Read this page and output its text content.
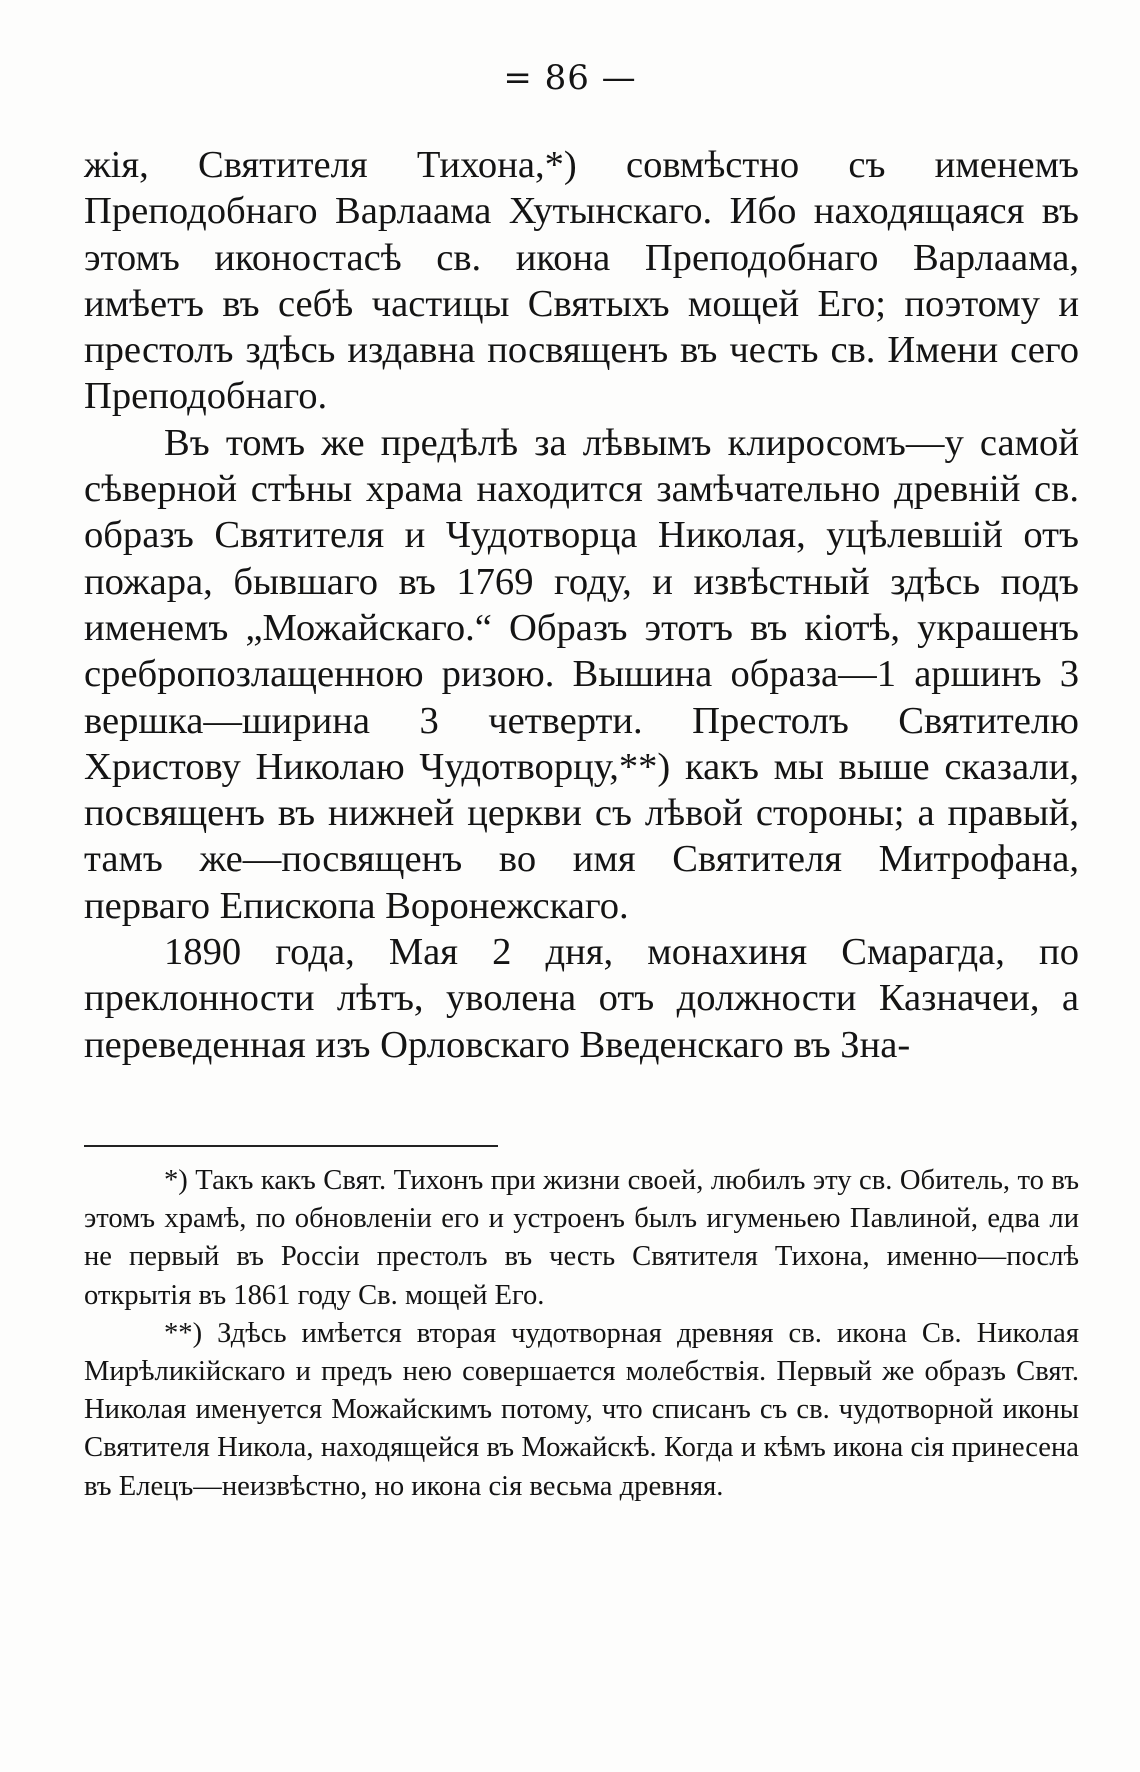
= 86 —

жія, Святителя Тихона,*) совмѣстно съ именемъ Преподобнаго Варлаама Хутынскаго. Ибо находящаяся въ этомъ иконостасѣ св. икона Преподобнаго Варлаама, имѣетъ въ себѣ частицы Святыхъ мощей Его; поэтому и престолъ здѣсь издавна посвященъ въ честь св. Имени сего Преподобнаго.

Въ томъ же предѣлѣ за лѣвымъ клиросомъ—у самой сѣверной стѣны храма находится замѣчательно древній св. образъ Святителя и Чудотворца Николая, уцѣлевшій отъ пожара, бывшаго въ 1769 году, и извѣстный здѣсь подъ именемъ „Можайскаго.“ Образъ этотъ въ кіотѣ, украшенъ сребропозлащенною ризою. Вышина образа—1 аршинъ 3 вершка—ширина 3 четверти. Престолъ Святителю Христову Николаю Чудотворцу,**) какъ мы выше сказали, посвященъ въ нижней церкви съ лѣвой стороны; а правый, тамъ же—посвященъ во имя Святителя Митрофана, перваго Епископа Воронежскаго.

1890 года, Мая 2 дня, монахиня Смарагда, по преклонности лѣтъ, уволена отъ должности Казначеи, а переведенная изъ Орловскаго Введенскаго въ Зна-

*) Такъ какъ Свят. Тихонъ при жизни своей, любилъ эту св. Обитель, то въ этомъ храмѣ, по обновленіи его и устроенъ былъ игуменьею Павлиной, едва ли не первый въ Россіи престолъ въ честь Святителя Тихона, именно—послѣ открытія въ 1861 году Св. мощей Его.

**) Здѣсь имѣется вторая чудотворная древняя св. икона Св. Николая Мирѣликійскаго и предъ нею совершается молебствія. Первый же образъ Свят. Николая именуется Можайскимъ потому, что списанъ съ св. чудотворной иконы Святителя Никола, находящейся въ Можайскѣ. Когда и кѣмъ икона сія принесена въ Елецъ—неизвѣстно, но икона сія весьма древняя.
